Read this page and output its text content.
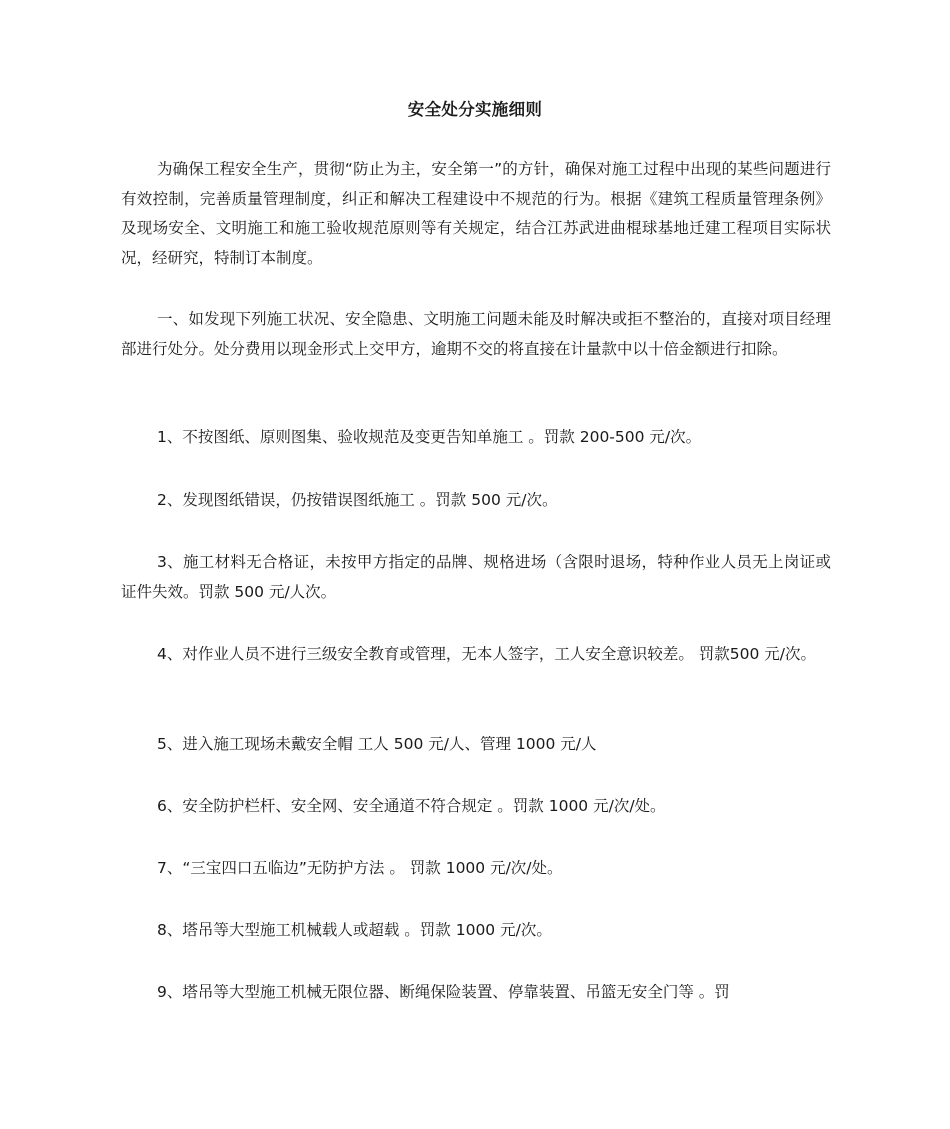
安全处分实施细则

为确保工程安全生产，贯彻“防止为主，安全第一”的方针，确保对施工过程中出现的某些问题进行有效控制，完善质量管理制度，纠正和解决工程建设中不规范的行为。根据《建筑工程质量管理条例》及现场安全、文明施工和施工验收规范原则等有关规定，结合江苏武进曲棍球基地迁建工程项目实际状况，经研究，特制订本制度。

一、如发现下列施工状况、安全隐患、文明施工问题未能及时解决或拒不整治的，直接对项目经理部进行处分。处分费用以现金形式上交甲方，逾期不交的将直接在计量款中以十倍金额进行扣除。

1、不按图纸、原则图集、验收规范及变更告知单施工 。罚款 200-500 元/次。

2、发现图纸错误，仍按错误图纸施工 。罚款 500 元/次。

3、施工材料无合格证，未按甲方指定的品牌、规格进场（含限时退场，特种作业人员无上岗证或证件失效。罚款 500 元/人次。

4、对作业人员不进行三级安全教育或管理，无本人签字，工人安全意识较差。 罚款500 元/次。

5、进入施工现场未戴安全帽 工人 500 元/人、管理 1000 元/人

6、安全防护栏杆、安全网、安全通道不符合规定 。罚款 1000 元/次/处。

7、“三宝四口五临边”无防护方法 。 罚款 1000 元/次/处。

8、塔吊等大型施工机械载人或超载 。罚款 1000 元/次。

9、塔吊等大型施工机械无限位器、断绳保险装置、停靠装置、吊篮无安全门等 。罚
